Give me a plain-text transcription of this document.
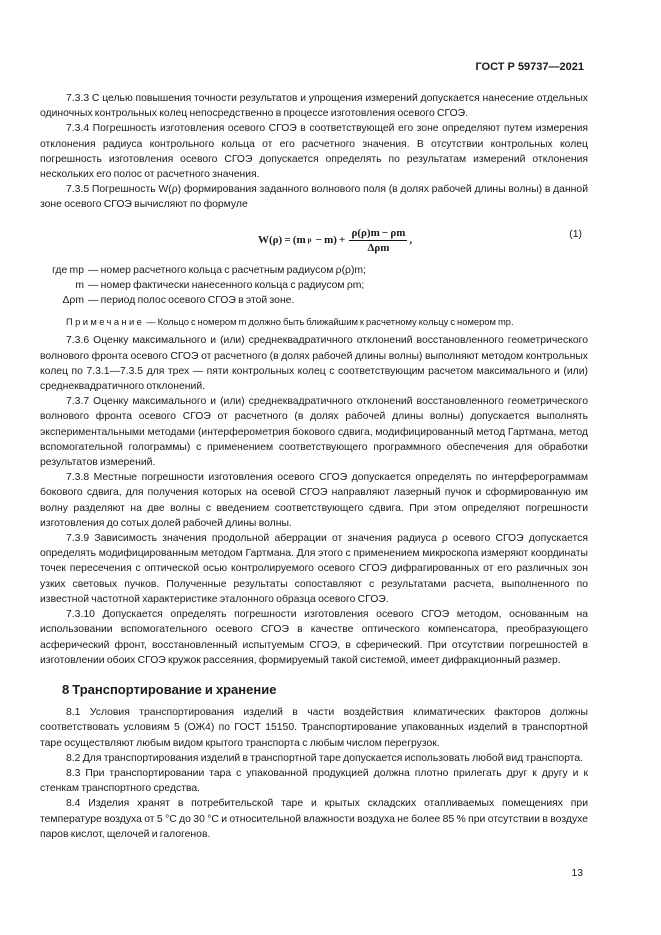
ГОСТ Р 59737—2021

7.3.3 С целью повышения точности результатов и упрощения измерений допускается нанесение отдельных одиночных контрольных колец непосредственно в процессе изготовления осевого СГОЭ.

7.3.4 Погрешность изготовления осевого СГОЭ в соответствующей его зоне определяют путем измерения отклонения радиуса контрольного кольца от его расчетного значения. В отсутствии контрольных колец погрешность изготовления осевого СГОЭ допускается определять по результатам измерений отклонения нескольких его полос от расчетного значения.

7.3.5 Погрешность W(ρ) формирования заданного волнового поля (в долях рабочей длины волны) в данной зоне осевого СГОЭ вычисляют по формуле

W(ρ) = (m $p - m) + \frac{\rho(\rho)m - \rho m}{\text{Δρm}}$ ,	(1)
где mp — номер расчетного кольца с расчетным радиусом ρ(ρ)m;
m — номер фактически нанесенного кольца с радиусом ρm;
Δρm — период полос осевого СГОЭ в этой зоне.
Примечание — Кольцо с номером m должно быть ближайшим к расчетному кольцу с номером mp.

7.3.6 Оценку максимального и (или) среднеквадратичного отклонений восстановленного геометрического волнового фронта осевого СГОЭ от расчетного (в долях рабочей длины волны) выполняют методом контрольных колец по 7.3.1—7.3.5 для трех — пяти контрольных колец с соответствующим расчетом максимального и (или) среднеквадратичного отклонений.

7.3.7 Оценку максимального и (или) среднеквадратичного отклонений восстановленного геометрического волнового фронта осевого СГОЭ от расчетного (в долях рабочей длины волны) допускается выполнять экспериментальными методами (интерферометрия бокового сдвига, модифицированный метод Гартмана, метод вспомогательной голограммы) с применением соответствующего программного обеспечения для обработки результатов измерений.

7.3.8 Местные погрешности изготовления осевого СГОЭ допускается определять по интерферограммам бокового сдвига, для получения которых на осевой СГОЭ направляют лазерный пучок и сформированную им волну разделяют на две волны с введением соответствующего сдвига. При этом определяют погрешности изготовления до сотых долей рабочей длины волны.

7.3.9 Зависимость значения продольной аберрации от значения радиуса ρ осевого СГОЭ допускается определять модифицированным методом Гартмана. Для этого с применением микроскопа измеряют координаты точек пересечения с оптической осью контролируемого осевого СГОЭ дифрагированных от его различных зон узких световых пучков. Полученные результаты сопоставляют с результатами расчета, выполненного по известной частотной характеристике эталонного образца осевого СГОЭ.

7.3.10 Допускается определять погрешности изготовления осевого СГОЭ методом, основанным на использовании вспомогательного осевого СГОЭ в качестве оптического компенсатора, преобразующего асферический фронт, восстановленный испытуемым СГОЭ, в сферический. При отсутствии погрешностей в изготовлении обоих СГОЭ кружок рассеяния, формируемый такой системой, имеет дифракционный размер.

8 Транспортирование и хранение

8.1 Условия транспортирования изделий в части воздействия климатических факторов должны соответствовать условиям 5 (ОЖ4) по ГОСТ 15150. Транспортирование упакованных изделий в транспортной таре осуществляют любым видом крытого транспорта с любым числом перегрузок.

8.2 Для транспортирования изделий в транспортной таре допускается использовать любой вид транспорта.

8.3 При транспортировании тара с упакованной продукцией должна плотно прилегать друг к другу и к стенкам транспортного средства.

8.4 Изделия хранят в потребительской таре и крытых складских отапливаемых помещениях при температуре воздуха от 5 °С до 30 °С и относительной влажности воздуха не более 85 % при отсутствии в воздухе паров кислот, щелочей и галогенов.

13
